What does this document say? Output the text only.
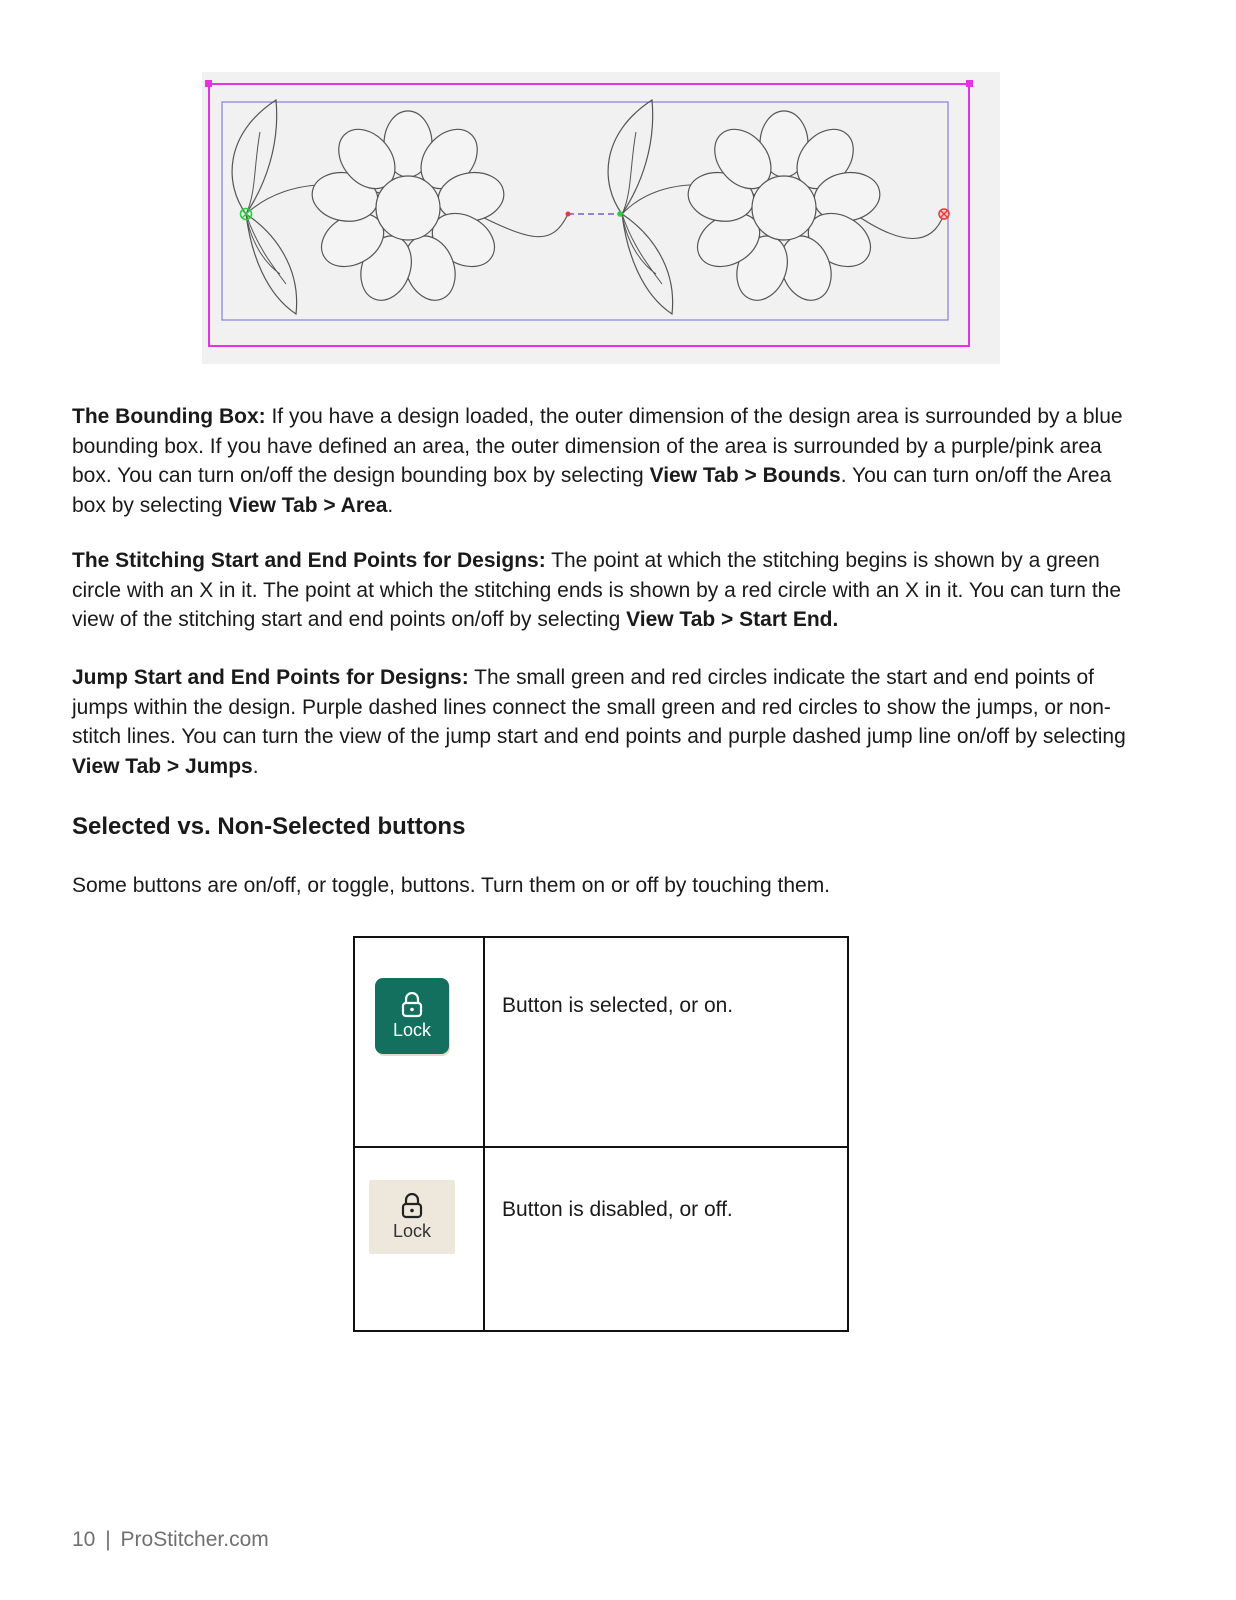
The Bounding Box: If you have a design loaded, the outer dimension of the design area is surrounded by a blue bounding box. If you have defined an area, the outer dimension of the area is surrounded by a purple/pink area box. You can turn on/off the design bounding box by selecting View Tab > Bounds. You can turn on/off the Area box by selecting View Tab > Area.

The Stitching Start and End Points for Designs: The point at which the stitching begins is shown by a green circle with an X in it. The point at which the stitching ends is shown by a red circle with an X in it. You can turn the view of the stitching start and end points on/off by selecting View Tab > Start End.

Jump Start and End Points for Designs: The small green and red circles indicate the start and end points of jumps within the design. Purple dashed lines connect the small green and red circles to show the jumps, or non-stitch lines. You can turn the view of the jump start and end points and purple dashed jump line on/off by selecting View Tab > Jumps.

Selected vs. Non-Selected buttons

Some buttons are on/off, or toggle, buttons. Turn them on or off by touching them.

Lock	Button is selected, or on.

Lock	Button is disabled, or off.
10 | ProStitcher.com
